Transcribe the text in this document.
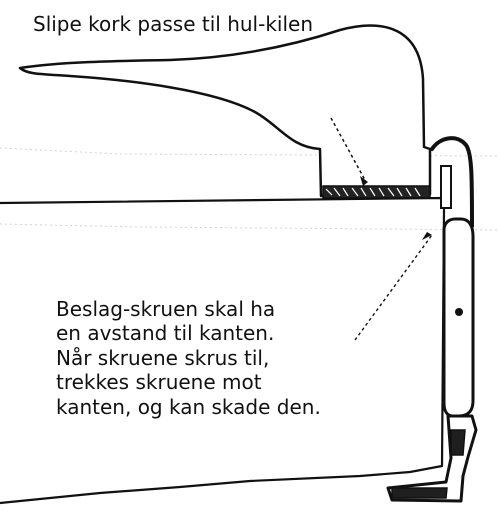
Slipe kork passe til hul-kilen
Beslag-skruen skal ha
en avstand til kanten.
Når skruene skrus til,
trekkes skruene mot
kanten, og kan skade den.
